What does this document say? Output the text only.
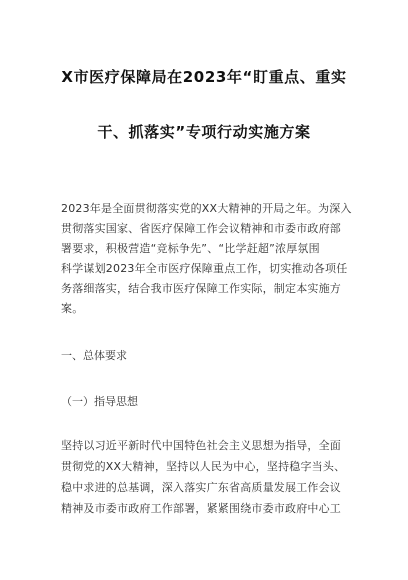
X市医疗保障局在2023年“盯重点、重实
干、抓落实”专项行动实施方案
2023年是全面贯彻落实党的XX大精神的开局之年。为深入
贯彻落实国家、省医疗保障工作会议精神和市委市政府部
署要求，积极营造“竞标争先”、“比学赶超”浓厚氛围
科学谋划2023年全市医疗保障重点工作，切实推动各项任
务落细落实，结合我市医疗保障工作实际，制定本实施方
案。
一、总体要求
（一）指导思想
坚持以习近平新时代中国特色社会主义思想为指导，全面
贯彻党的XX大精神，坚持以人民为中心，坚持稳字当头、
稳中求进的总基调，深入落实广东省高质量发展工作会议
精神及市委市政府工作部署，紧紧围绕市委市政府中心工
